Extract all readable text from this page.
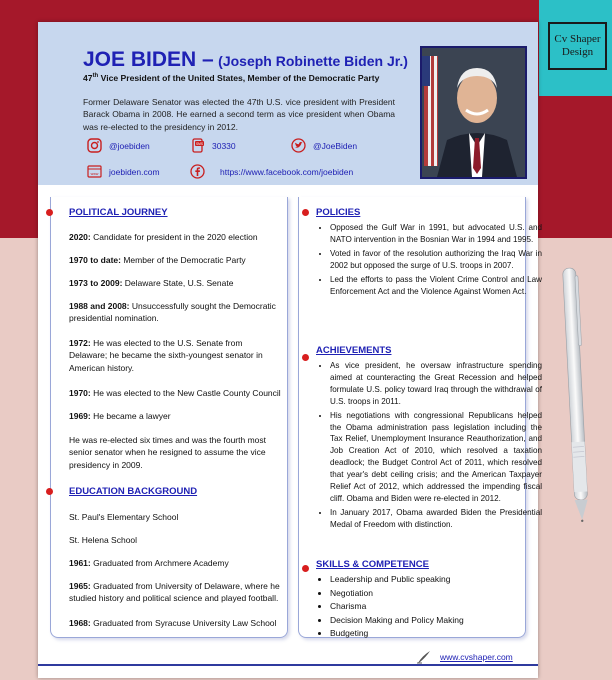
Cv Shaper
Design
JOE BIDEN – (Joseph Robinette Biden Jr.)
47th Vice President of the United States, Member of the Democratic Party
Former Delaware Senator was elected the 47th U.S. vice president with President Barack Obama in 2008. He earned a second term as vice president when Obama was re-elected to the presidency in 2012.
@joebiden	SMS 30330	@JoeBiden
www joebiden.com	https://www.facebook.com/joebiden
POLITICAL JOURNEY
2020: Candidate for president in the 2020 election
1970 to date: Member of the Democratic Party
1973 to 2009: Delaware State, U.S. Senate
1988 and 2008: Unsuccessfully sought the Democratic presidential nomination.
1972: He was elected to the U.S. Senate from Delaware; he became the sixth-youngest senator in American history.
1970: He was elected to the New Castle County Council
1969: He became a lawyer
He was re-elected six times and was the fourth most senior senator when he resigned to assume the vice presidency in 2009.
EDUCATION BACKGROUND
St. Paul's Elementary School
St. Helena School
1961: Graduated from Archmere Academy
1965: Graduated from University of Delaware, where he studied history and political science and played football.
1968: Graduated from Syracuse University Law School
POLICIES
• Opposed the Gulf War in 1991, but advocated U.S. and NATO intervention in the Bosnian War in 1994 and 1995.
• Voted in favor of the resolution authorizing the Iraq War in 2002 but opposed the surge of U.S. troops in 2007.
• Led the efforts to pass the Violent Crime Control and Law Enforcement Act and the Violence Against Women Act.
ACHIEVEMENTS
• As vice president, he oversaw infrastructure spending aimed at counteracting the Great Recession and helped formulate U.S. policy toward Iraq through the withdrawal of U.S. troops in 2011.
• His negotiations with congressional Republicans helped the Obama administration pass legislation including the Tax Relief, Unemployment Insurance Reauthorization, and Job Creation Act of 2010, which resolved a taxation deadlock; the Budget Control Act of 2011, which resolved that year's debt ceiling crisis; and the American Taxpayer Relief Act of 2012, which addressed the impending fiscal cliff. Obama and Biden were re-elected in 2012.
• In January 2017, Obama awarded Biden the Presidential Medal of Freedom with distinction.
SKILLS & COMPETENCE
• Leadership and Public speaking
• Negotiation
• Charisma
• Decision Making and Policy Making
• Budgeting
www.cvshaper.com
